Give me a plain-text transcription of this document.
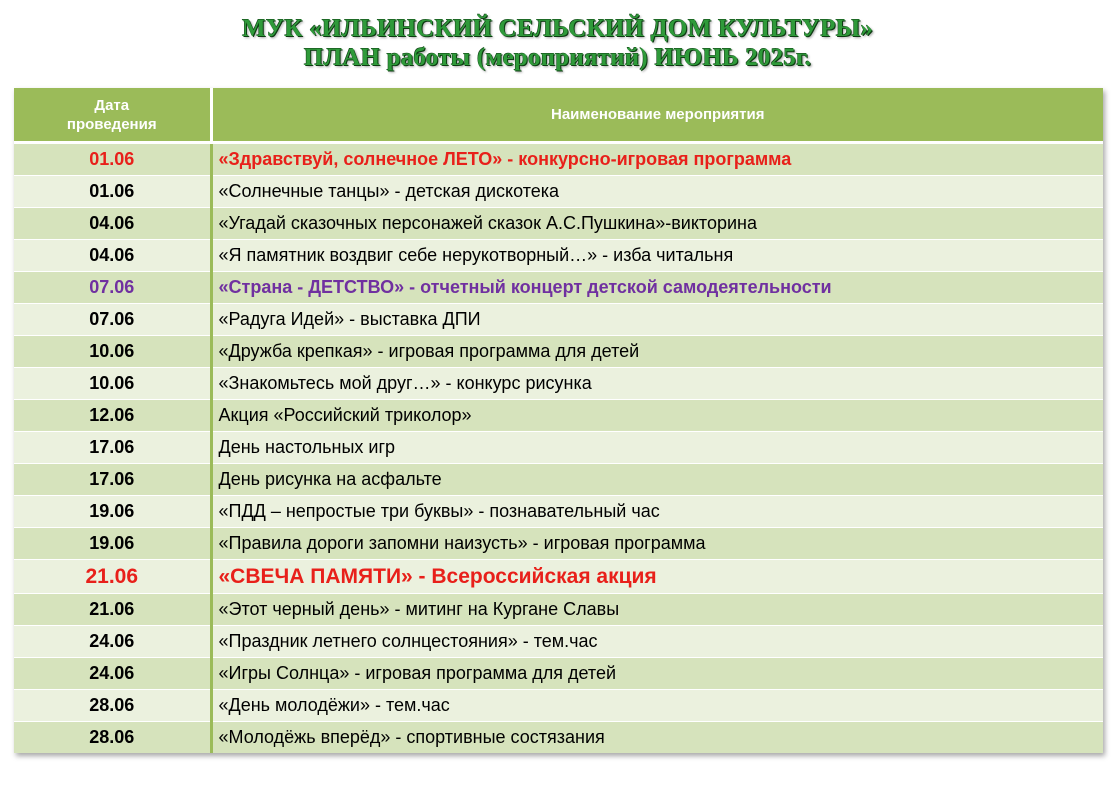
МУК «ИЛЬИНСКИЙ СЕЛЬСКИЙ ДОМ КУЛЬТУРЫ»
ПЛАН работы (мероприятий) ИЮНЬ 2025г.
Дата
проведения	Наименование мероприятия
01.06	«Здравствуй, солнечное ЛЕТО» - конкурсно-игровая программа
01.06	«Солнечные танцы» - детская дискотека
04.06	«Угадай сказочных персонажей сказок А.С.Пушкина»-викторина
04.06	«Я памятник воздвиг себе нерукотворный…» - изба читальня
07.06	«Страна - ДЕТСТВО» - отчетный концерт детской самодеятельности
07.06	«Радуга Идей» - выставка ДПИ
10.06	«Дружба крепкая» - игровая программа для детей
10.06	«Знакомьтесь мой друг…» - конкурс рисунка
12.06	Акция «Российский триколор»
17.06	День настольных игр
17.06	День рисунка на асфальте
19.06	«ПДД – непростые три буквы» - познавательный час
19.06	«Правила дороги запомни наизусть» - игровая программа
21.06	«СВЕЧА ПАМЯТИ» - Всероссийская акция
21.06	«Этот черный день» - митинг на Кургане Славы
24.06	«Праздник летнего солнцестояния» - тем.час
24.06	«Игры Солнца» - игровая программа для детей
28.06	«День молодёжи» - тем.час
28.06	«Молодёжь вперёд» - спортивные состязания
